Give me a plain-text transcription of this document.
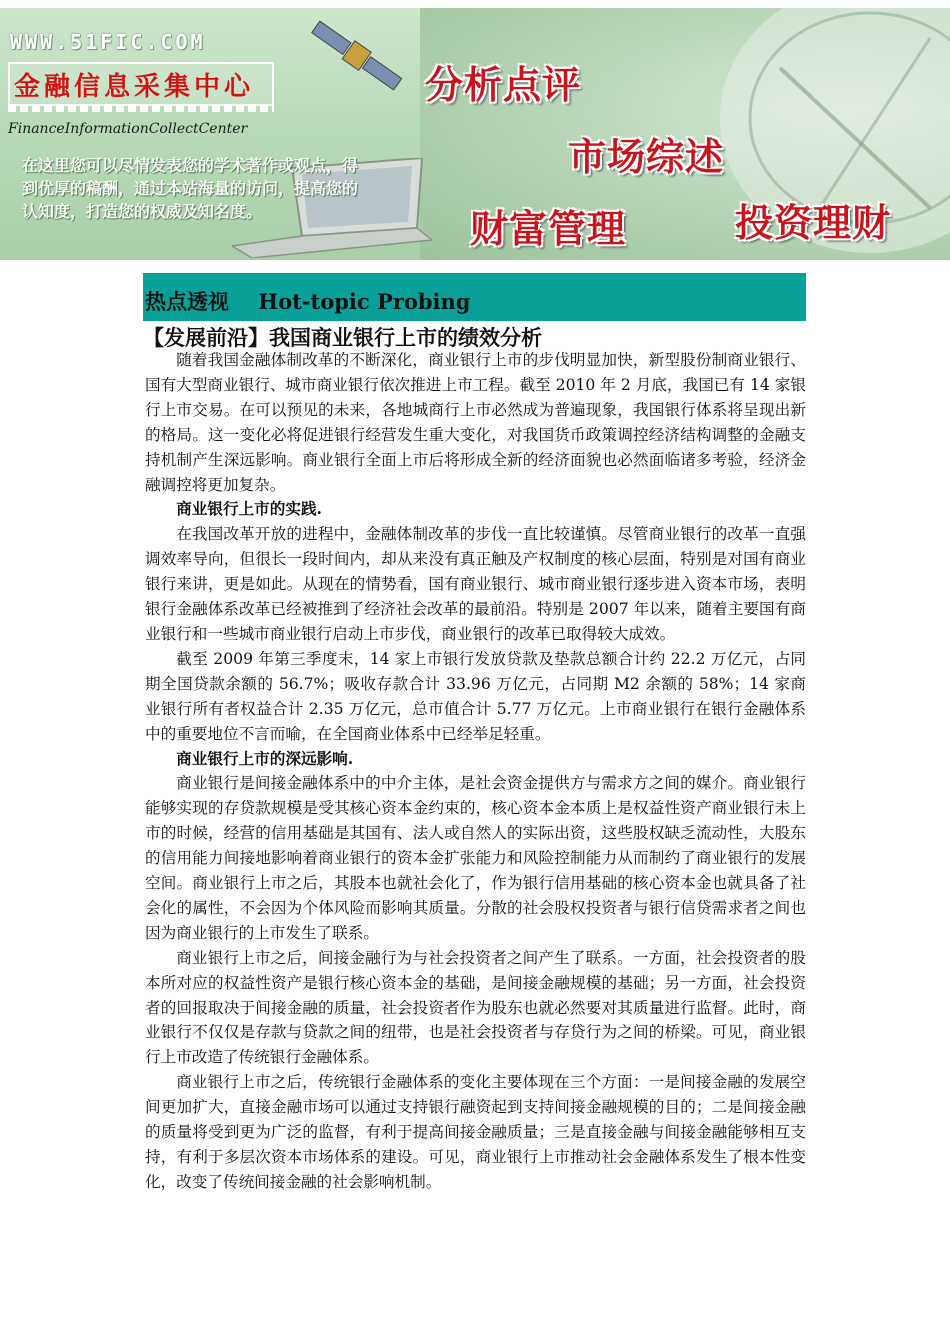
WWW.51FIC.COM
金融信息采集中心
FinanceInformationCollectCenter
在这里您可以尽情发表您的学术著作或观点，得到优厚的稿酬，通过本站海量的访问，提高您的认知度，打造您的权威及知名度。
分析点评
市场综述
财富管理	投资理财
热点透视    Hot-topic Probing
【发展前沿】我国商业银行上市的绩效分析

随着我国金融体制改革的不断深化，商业银行上市的步伐明显加快，新型股份制商业银行、国有大型商业银行、城市商业银行依次推进上市工程。截至 2010 年 2 月底，我国已有 14 家银行上市交易。在可以预见的未来，各地城商行上市必然成为普遍现象，我国银行体系将呈现出新的格局。这一变化必将促进银行经营发生重大变化，对我国货币政策调控经济结构调整的金融支持机制产生深远影响。商业银行全面上市后将形成全新的经济面貌也必然面临诸多考验，经济金融调控将更加复杂。

商业银行上市的实践.

在我国改革开放的进程中，金融体制改革的步伐一直比较谨慎。尽管商业银行的改革一直强调效率导向，但很长一段时间内，却从来没有真正触及产权制度的核心层面，特别是对国有商业银行来讲，更是如此。从现在的情势看，国有商业银行、城市商业银行逐步进入资本市场，表明银行金融体系改革已经被推到了经济社会改革的最前沿。特别是 2007 年以来，随着主要国有商业银行和一些城市商业银行启动上市步伐，商业银行的改革已取得较大成效。

截至 2009 年第三季度末，14 家上市银行发放贷款及垫款总额合计约 22.2 万亿元，占同期全国贷款余额的 56.7%；吸收存款合计 33.96 万亿元，占同期 M2 余额的 58%；14 家商业银行所有者权益合计 2.35 万亿元，总市值合计 5.77 万亿元。上市商业银行在银行金融体系中的重要地位不言而喻，在全国商业体系中已经举足轻重。

商业银行上市的深远影响.

商业银行是间接金融体系中的中介主体，是社会资金提供方与需求方之间的媒介。商业银行能够实现的存贷款规模是受其核心资本金约束的，核心资本金本质上是权益性资产商业银行未上市的时候，经营的信用基础是其国有、法人或自然人的实际出资，这些股权缺乏流动性，大股东的信用能力间接地影响着商业银行的资本金扩张能力和风险控制能力从而制约了商业银行的发展空间。商业银行上市之后，其股本也就社会化了，作为银行信用基础的核心资本金也就具备了社会化的属性，不会因为个体风险而影响其质量。分散的社会股权投资者与银行信贷需求者之间也因为商业银行的上市发生了联系。

商业银行上市之后，间接金融行为与社会投资者之间产生了联系。一方面，社会投资者的股本所对应的权益性资产是银行核心资本金的基础，是间接金融规模的基础；另一方面，社会投资者的回报取决于间接金融的质量，社会投资者作为股东也就必然要对其质量进行监督。此时，商业银行不仅仅是存款与贷款之间的纽带，也是社会投资者与存贷行为之间的桥梁。可见，商业银行上市改造了传统银行金融体系。

商业银行上市之后，传统银行金融体系的变化主要体现在三个方面：一是间接金融的发展空间更加扩大，直接金融市场可以通过支持银行融资起到支持间接金融规模的目的；二是间接金融的质量将受到更为广泛的监督，有利于提高间接金融质量；三是直接金融与间接金融能够相互支持，有利于多层次资本市场体系的建设。可见，商业银行上市推动社会金融体系发生了根本性变化，改变了传统间接金融的社会影响机制。
